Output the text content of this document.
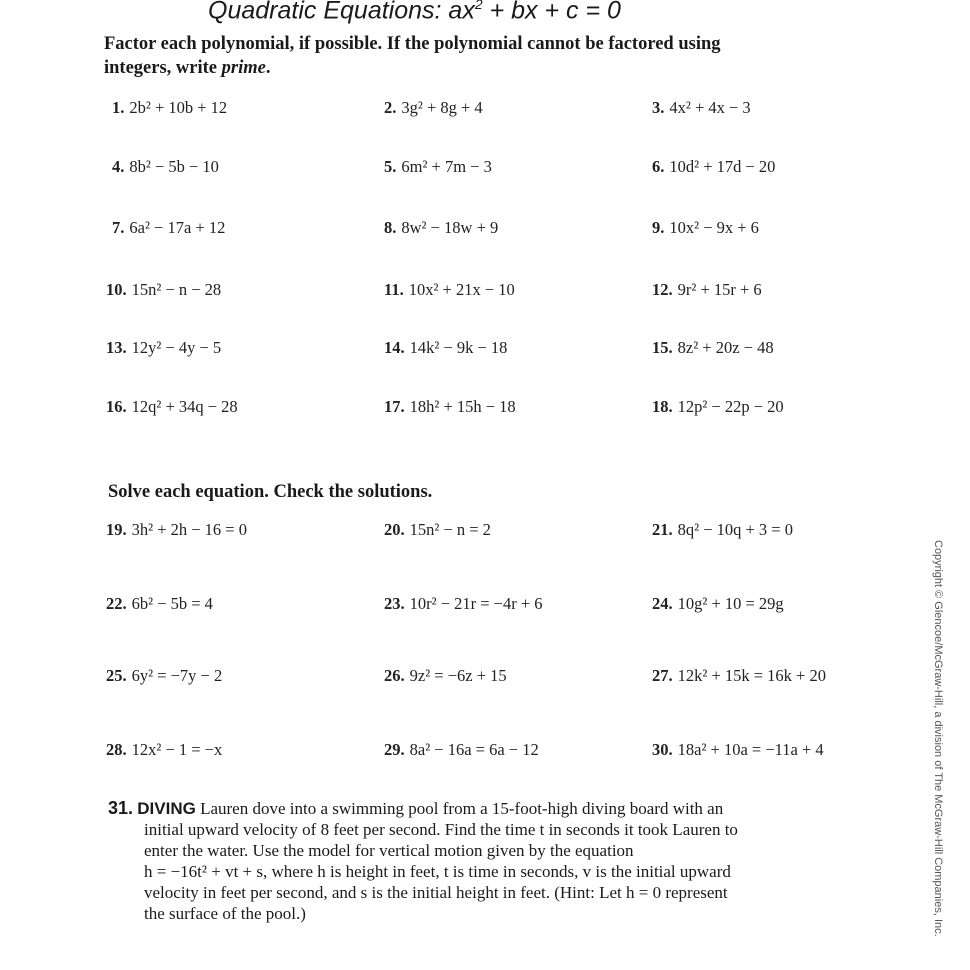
Quadratic Equations: $ax^2$ + bx + c = 0
Factor each polynomial, if possible. If the polynomial cannot be factored using
integers, write prime.
1. 2b² + 10b + 12	2. 3g² + 8g + 4	3. 4x² + 4x − 3
4. 8b² − 5b − 10	5. 6m² + 7m − 3	6. 10d² + 17d − 20
7. 6a² − 17a + 12	8. 8w² − 18w + 9	9. 10x² − 9x + 6
10. 15n² − n − 28	11. 10x² + 21x − 10	12. 9r² + 15r + 6
13. 12y² − 4y − 5	14. 14k² − 9k − 18	15. 8z² + 20z − 48
16. 12q² + 34q − 28	17. 18h² + 15h − 18	18. 12p² − 22p − 20
19. 3h² + 2h − 16 = 0	20. 15n² − n = 2	21. 8q² − 10q + 3 = 0
22. 6b² − 5b = 4	23. 10r² − 21r = −4r + 6	24. 10g² + 10 = 29g
25. 6y² = −7y − 2	26. 9z² = −6z + 15	27. 12k² + 15k = 16k + 20
28. 12x² − 1 = −x	29. 8a² − 16a = 6a − 12	30. 18a² + 10a = −11a + 4
Solve each equation. Check the solutions.
31. DIVING Lauren dove into a swimming pool from a 15-foot-high diving board with an
initial upward velocity of 8 feet per second. Find the time t in seconds it took Lauren to
enter the water. Use the model for vertical motion given by the equation
h = −16t² + vt + s, where h is height in feet, t is time in seconds, v is the initial upward
velocity in feet per second, and s is the initial height in feet. (Hint: Let h = 0 represent
the surface of the pool.)	Copyright © Glencoe/McGraw-Hill, a division of The McGraw-Hill Companies, Inc.
